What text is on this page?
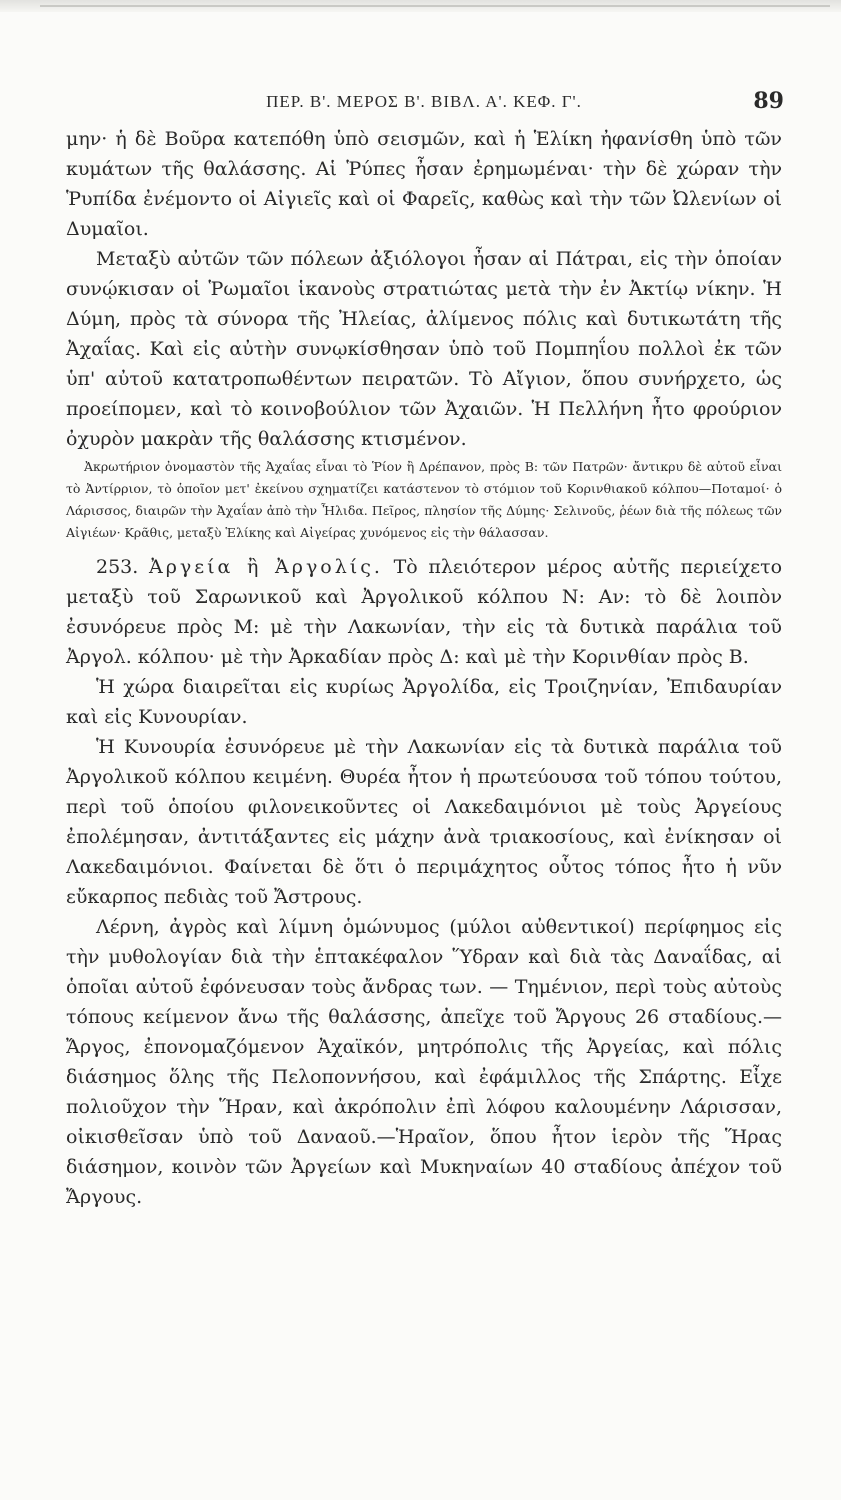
ΠΕΡ. Β'. ΜΕΡΟΣ Β'. ΒΙΒΛ. Α'. ΚΕΦ. Γ'.	89

μην· ἡ δὲ Βοῦρα κατεπόθη ὑπὸ σεισμῶν, καὶ ἡ Ἑλίκη ἠφανίσθη ὑπὸ τῶν κυμάτων τῆς θαλάσσης. Αἱ Ῥύπες ἦσαν ἐρημωμέναι· τὴν δὲ χώραν τὴν Ῥυπίδα ἐνέμοντο οἱ Αἰγιεῖς καὶ οἱ Φαρεῖς, καθὼς καὶ τὴν τῶν Ὠλενίων οἱ Δυμαῖοι.

Μεταξὺ αὐτῶν τῶν πόλεων ἀξιόλογοι ἦσαν αἱ Πάτραι, εἰς τὴν ὁποίαν συνῴκισαν οἱ Ῥωμαῖοι ἱκανοὺς στρατιώτας μετὰ τὴν ἐν Ἀκτίῳ νίκην. Ἡ Δύμη, πρὸς τὰ σύνορα τῆς Ἠλείας, ἀλίμενος πόλις καὶ δυτικωτάτη τῆς Ἀχαΐας. Καὶ εἰς αὐτὴν συνῳκίσθησαν ὑπὸ τοῦ Πομπηΐου πολλοὶ ἐκ τῶν ὑπ' αὐτοῦ κατατροπωθέντων πειρατῶν. Τὸ Αἴγιον, ὅπου συνήρχετο, ὡς προείπομεν, καὶ τὸ κοινοβούλιον τῶν Ἀχαιῶν. Ἡ Πελλήνη ἦτο φρούριον ὀχυρὸν μακρὰν τῆς θαλάσσης κτισμένον.

Ἀκρωτήριον ὀνομαστὸν τῆς Ἀχαΐας εἶναι τὸ Ῥίον ἢ Δρέπανον, πρὸς Β: τῶν Πατρῶν· ἄντικρυ δὲ αὐτοῦ εἶναι τὸ Ἀντίρριον, τὸ ὁποῖον μετ' ἐκείνου σχηματίζει κατάστενον τὸ στόμιον τοῦ Κορινθιακοῦ κόλπου—Ποταμοί· ὁ Λάρισσος, διαιρῶν τὴν Ἀχαΐαν ἀπὸ τὴν Ἦλιδα. Πεῖρος, πλησίον τῆς Δύμης· Σελινοῦς, ῥέων διὰ τῆς πόλεως τῶν Αἰγιέων· Κρᾶθις, μεταξὺ Ἑλίκης καὶ Αἰγείρας χυνόμενος εἰς τὴν θάλασσαν.

253. Ἀργεία ἢ Ἀργολίς. Τὸ πλειότερον μέρος αὐτῆς περιείχετο μεταξὺ τοῦ Σαρωνικοῦ καὶ Ἀργολικοῦ κόλπου Ν: Αν: τὸ δὲ λοιπὸν ἐσυνόρευε πρὸς Μ: μὲ τὴν Λακωνίαν, τὴν εἰς τὰ δυτικὰ παράλια τοῦ Ἀργολ. κόλπου· μὲ τὴν Ἀρκαδίαν πρὸς Δ: καὶ μὲ τὴν Κορινθίαν πρὸς Β.

Ἡ χώρα διαιρεῖται εἰς κυρίως Ἀργολίδα, εἰς Τροιζηνίαν, Ἐπιδαυρίαν καὶ εἰς Κυνουρίαν.

Ἡ Κυνουρία ἐσυνόρευε μὲ τὴν Λακωνίαν εἰς τὰ δυτικὰ παράλια τοῦ Ἀργολικοῦ κόλπου κειμένη. Θυρέα ἦτον ἡ πρωτεύουσα τοῦ τόπου τούτου, περὶ τοῦ ὁποίου φιλονεικοῦντες οἱ Λακεδαιμόνιοι μὲ τοὺς Ἀργείους ἐπολέμησαν, ἀντιτάξαντες εἰς μάχην ἀνὰ τριακοσίους, καὶ ἐνίκησαν οἱ Λακεδαιμόνιοι. Φαίνεται δὲ ὅτι ὁ περιμάχητος οὗτος τόπος ἦτο ἡ νῦν εὔκαρπος πεδιὰς τοῦ Ἄστρους.

Λέρνη, ἀγρὸς καὶ λίμνη ὁμώνυμος (μύλοι αὐθεντικοί) περίφημος εἰς τὴν μυθολογίαν διὰ τὴν ἑπτακέφαλον Ὕδραν καὶ διὰ τὰς Δαναΐδας, αἱ ὁποῖαι αὐτοῦ ἐφόνευσαν τοὺς ἄνδρας των. — Τημένιον, περὶ τοὺς αὐτοὺς τόπους κείμενον ἄνω τῆς θαλάσσης, ἀπεῖχε τοῦ Ἄργους 26 σταδίους.— Ἄργος, ἐπονομαζόμενον Ἀχαϊκόν, μητρόπολις τῆς Ἀργείας, καὶ πόλις διάσημος ὅλης τῆς Πελοποννήσου, καὶ ἐφάμιλλος τῆς Σπάρτης. Εἶχε πολιοῦχον τὴν Ἥραν, καὶ ἀκρόπολιν ἐπὶ λόφου καλουμένην Λάρισσαν, οἰκισθεῖσαν ὑπὸ τοῦ Δαναοῦ.—Ἡραῖον, ὅπου ἦτον ἱερὸν τῆς Ἥρας διάσημον, κοινὸν τῶν Ἀργείων καὶ Μυκηναίων 40 σταδίους ἀπέχον τοῦ Ἄργους.
